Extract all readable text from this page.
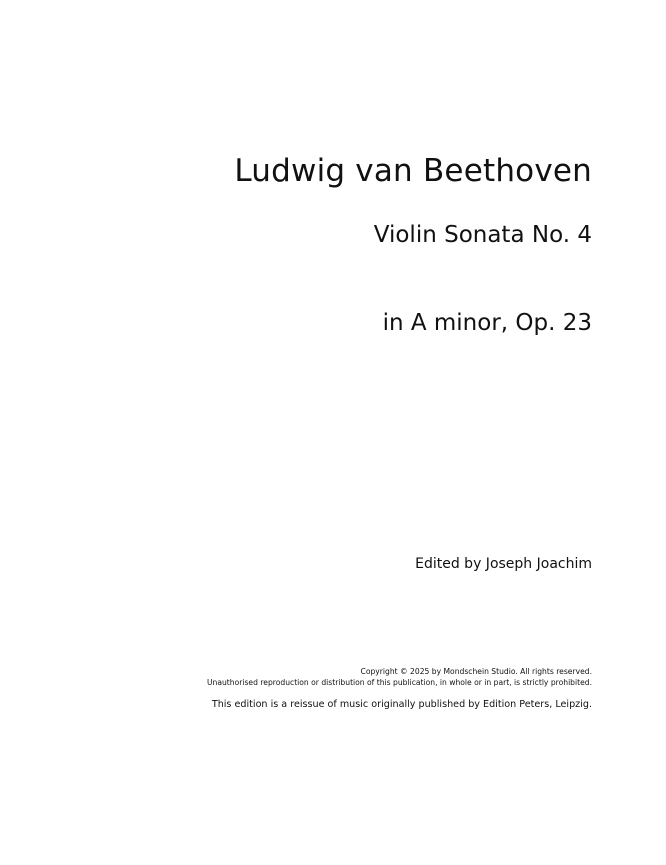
Ludwig van Beethoven
Violin Sonata No. 4
in A minor, Op. 23
Edited by Joseph Joachim
Copyright © 2025 by Mondschein Studio. All rights reserved.
Unauthorised reproduction or distribution of this publication, in whole or in part, is strictly prohibited.
This edition is a reissue of music originally published by Edition Peters, Leipzig.
